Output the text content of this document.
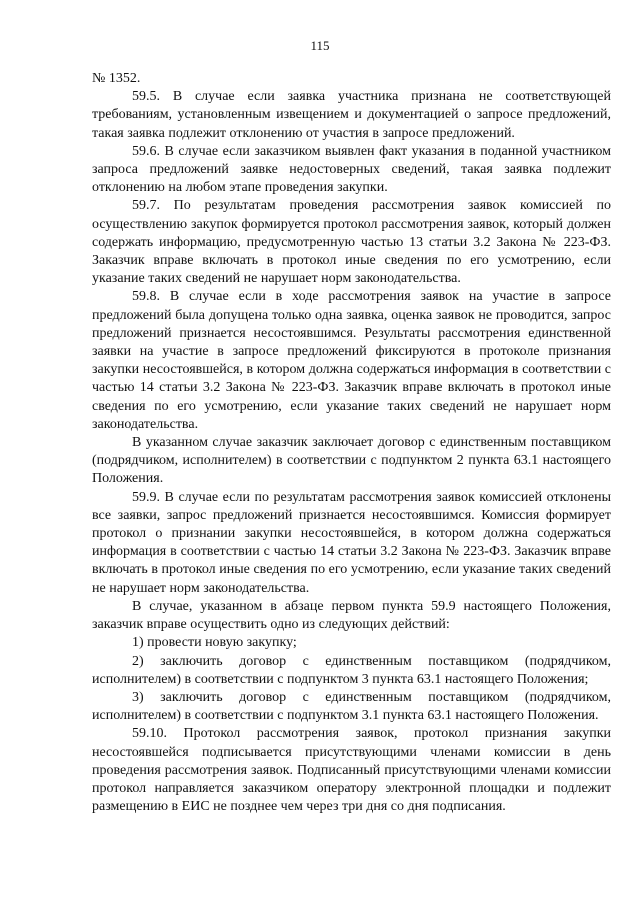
115

№ 1352.

59.5. В случае если заявка участника признана не соответствующей требованиям, установленным извещением и документацией о запросе предложений, такая заявка подлежит отклонению от участия в запросе предложений.

59.6. В случае если заказчиком выявлен факт указания в поданной участником запроса предложений заявке недостоверных сведений, такая заявка подлежит отклонению на любом этапе проведения закупки.

59.7. По результатам проведения рассмотрения заявок комиссией по осуществлению закупок формируется протокол рассмотрения заявок, который должен содержать информацию, предусмотренную частью 13 статьи 3.2 Закона № 223-ФЗ. Заказчик вправе включать в протокол иные сведения по его усмотрению, если указание таких сведений не нарушает норм законодательства.

59.8. В случае если в ходе рассмотрения заявок на участие в запросе предложений была допущена только одна заявка, оценка заявок не проводится, запрос предложений признается несостоявшимся. Результаты рассмотрения единственной заявки на участие в запросе предложений фиксируются в протоколе признания закупки несостоявшейся, в котором должна содержаться информация в соответствии с частью 14 статьи 3.2 Закона № 223-ФЗ. Заказчик вправе включать в протокол иные сведения по его усмотрению, если указание таких сведений не нарушает норм законодательства.

В указанном случае заказчик заключает договор с единственным поставщиком (подрядчиком, исполнителем) в соответствии с подпунктом 2 пункта 63.1 настоящего Положения.

59.9. В случае если по результатам рассмотрения заявок комиссией отклонены все заявки, запрос предложений признается несостоявшимся. Комиссия формирует протокол о признании закупки несостоявшейся, в котором должна содержаться информация в соответствии с частью 14 статьи 3.2 Закона № 223-ФЗ. Заказчик вправе включать в протокол иные сведения по его усмотрению, если указание таких сведений не нарушает норм законодательства.

В случае, указанном в абзаце первом пункта 59.9 настоящего Положения, заказчик вправе осуществить одно из следующих действий:

1) провести новую закупку;

2) заключить договор с единственным поставщиком (подрядчиком, исполнителем) в соответствии с подпунктом 3 пункта 63.1 настоящего Положения;

3) заключить договор с единственным поставщиком (подрядчиком, исполнителем) в соответствии с подпунктом 3.1 пункта 63.1 настоящего Положения.

59.10. Протокол рассмотрения заявок, протокол признания закупки несостоявшейся подписывается присутствующими членами комиссии в день проведения рассмотрения заявок. Подписанный присутствующими членами комиссии протокол направляется заказчиком оператору электронной площадки и подлежит размещению в ЕИС не позднее чем через три дня со дня подписания.
